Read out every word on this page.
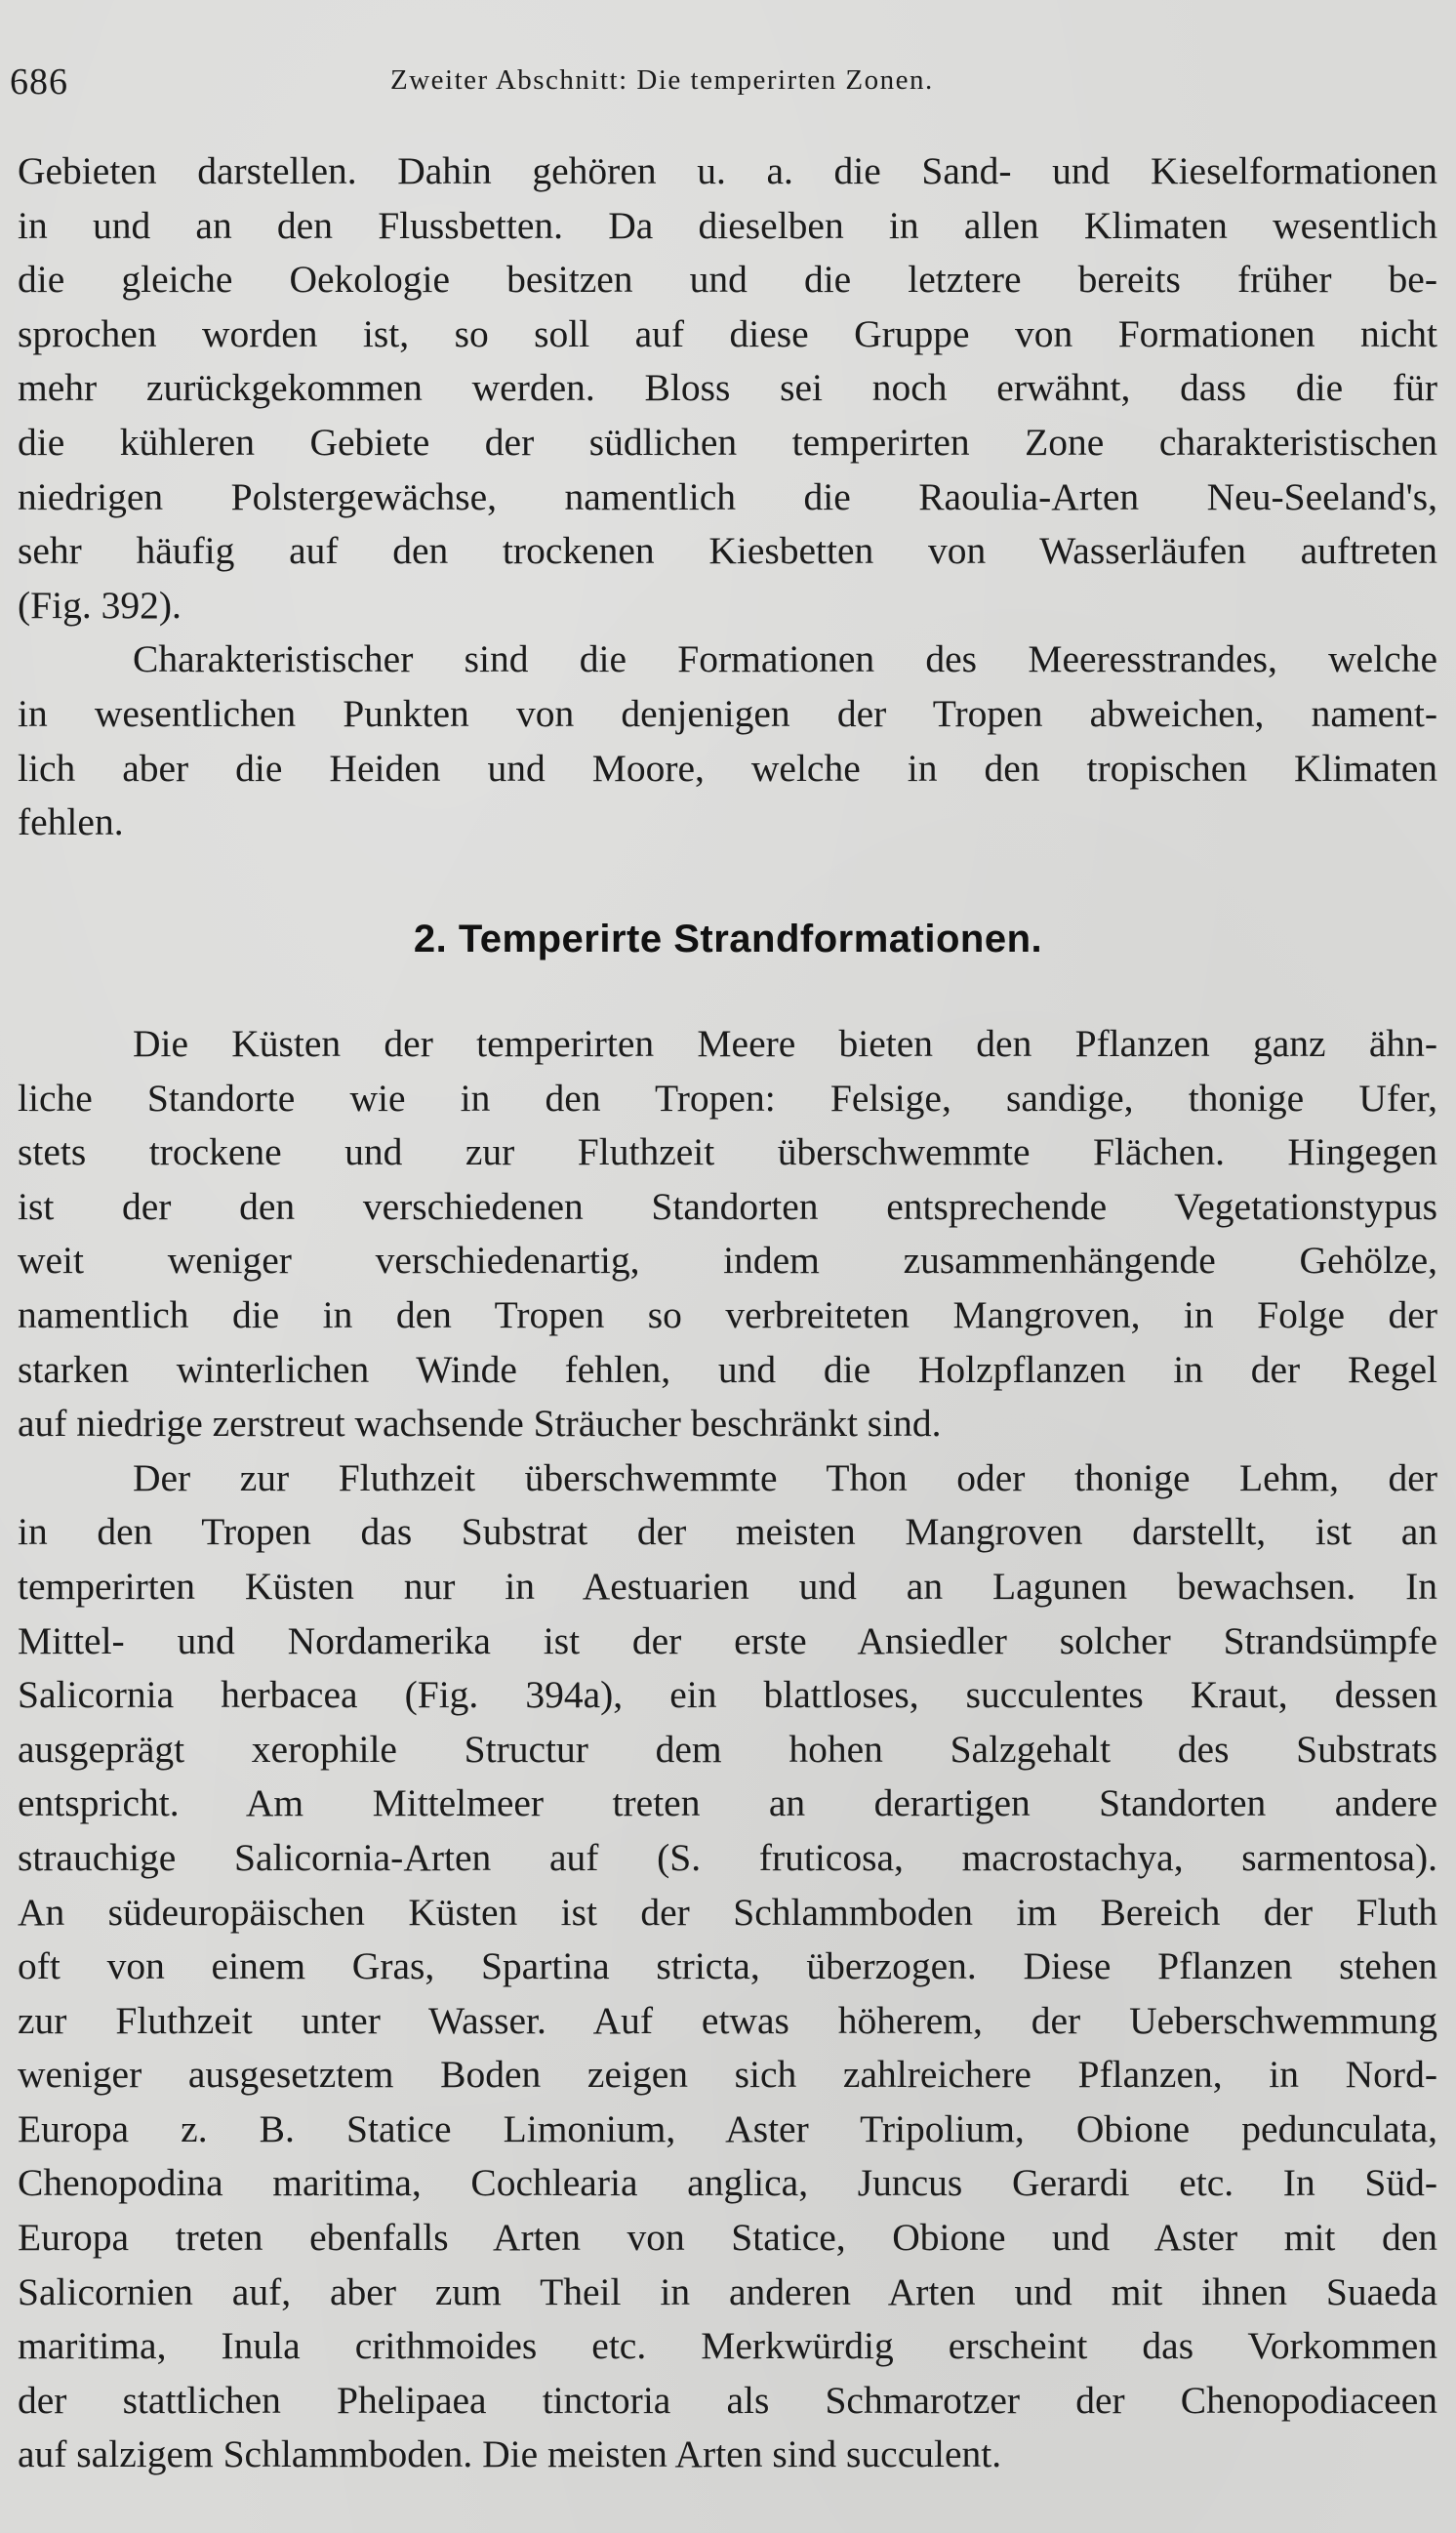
686	Zweiter Abschnitt: Die temperirten Zonen.
Gebieten darstellen. Dahin gehören u. a. die Sand- und Kieselformationen
in und an den Flussbetten. Da dieselben in allen Klimaten wesentlich
die gleiche Oekologie besitzen und die letztere bereits früher be-
sprochen worden ist, so soll auf diese Gruppe von Formationen nicht
mehr zurückgekommen werden. Bloss sei noch erwähnt, dass die für
die kühleren Gebiete der südlichen temperirten Zone charakteristischen
niedrigen Polstergewächse, namentlich die Raoulia-Arten Neu-Seeland's,
sehr häufig auf den trockenen Kiesbetten von Wasserläufen auftreten
(Fig. 392).
Charakteristischer sind die Formationen des Meeresstrandes, welche
in wesentlichen Punkten von denjenigen der Tropen abweichen, nament-
lich aber die Heiden und Moore, welche in den tropischen Klimaten
fehlen.
2. Temperirte Strandformationen.
Die Küsten der temperirten Meere bieten den Pflanzen ganz ähn-
liche Standorte wie in den Tropen: Felsige, sandige, thonige Ufer,
stets trockene und zur Fluthzeit überschwemmte Flächen. Hingegen
ist der den verschiedenen Standorten entsprechende Vegetationstypus
weit weniger verschiedenartig, indem zusammenhängende Gehölze,
namentlich die in den Tropen so verbreiteten Mangroven, in Folge der
starken winterlichen Winde fehlen, und die Holzpflanzen in der Regel
auf niedrige zerstreut wachsende Sträucher beschränkt sind.
Der zur Fluthzeit überschwemmte Thon oder thonige Lehm, der
in den Tropen das Substrat der meisten Mangroven darstellt, ist an
temperirten Küsten nur in Aestuarien und an Lagunen bewachsen. In
Mittel- und Nordamerika ist der erste Ansiedler solcher Strandsümpfe
Salicornia herbacea (Fig. 394a), ein blattloses, succulentes Kraut, dessen
ausgeprägt xerophile Structur dem hohen Salzgehalt des Substrats
entspricht. Am Mittelmeer treten an derartigen Standorten andere
strauchige Salicornia-Arten auf (S. fruticosa, macrostachya, sarmentosa).
An südeuropäischen Küsten ist der Schlammboden im Bereich der Fluth
oft von einem Gras, Spartina stricta, überzogen. Diese Pflanzen stehen
zur Fluthzeit unter Wasser. Auf etwas höherem, der Ueberschwemmung
weniger ausgesetztem Boden zeigen sich zahlreichere Pflanzen, in Nord-
Europa z. B. Statice Limonium, Aster Tripolium, Obione pedunculata,
Chenopodina maritima, Cochlearia anglica, Juncus Gerardi etc. In Süd-
Europa treten ebenfalls Arten von Statice, Obione und Aster mit den
Salicornien auf, aber zum Theil in anderen Arten und mit ihnen Suaeda
maritima, Inula crithmoides etc. Merkwürdig erscheint das Vorkommen
der stattlichen Phelipaea tinctoria als Schmarotzer der Chenopodiaceen
auf salzigem Schlammboden. Die meisten Arten sind succulent.
